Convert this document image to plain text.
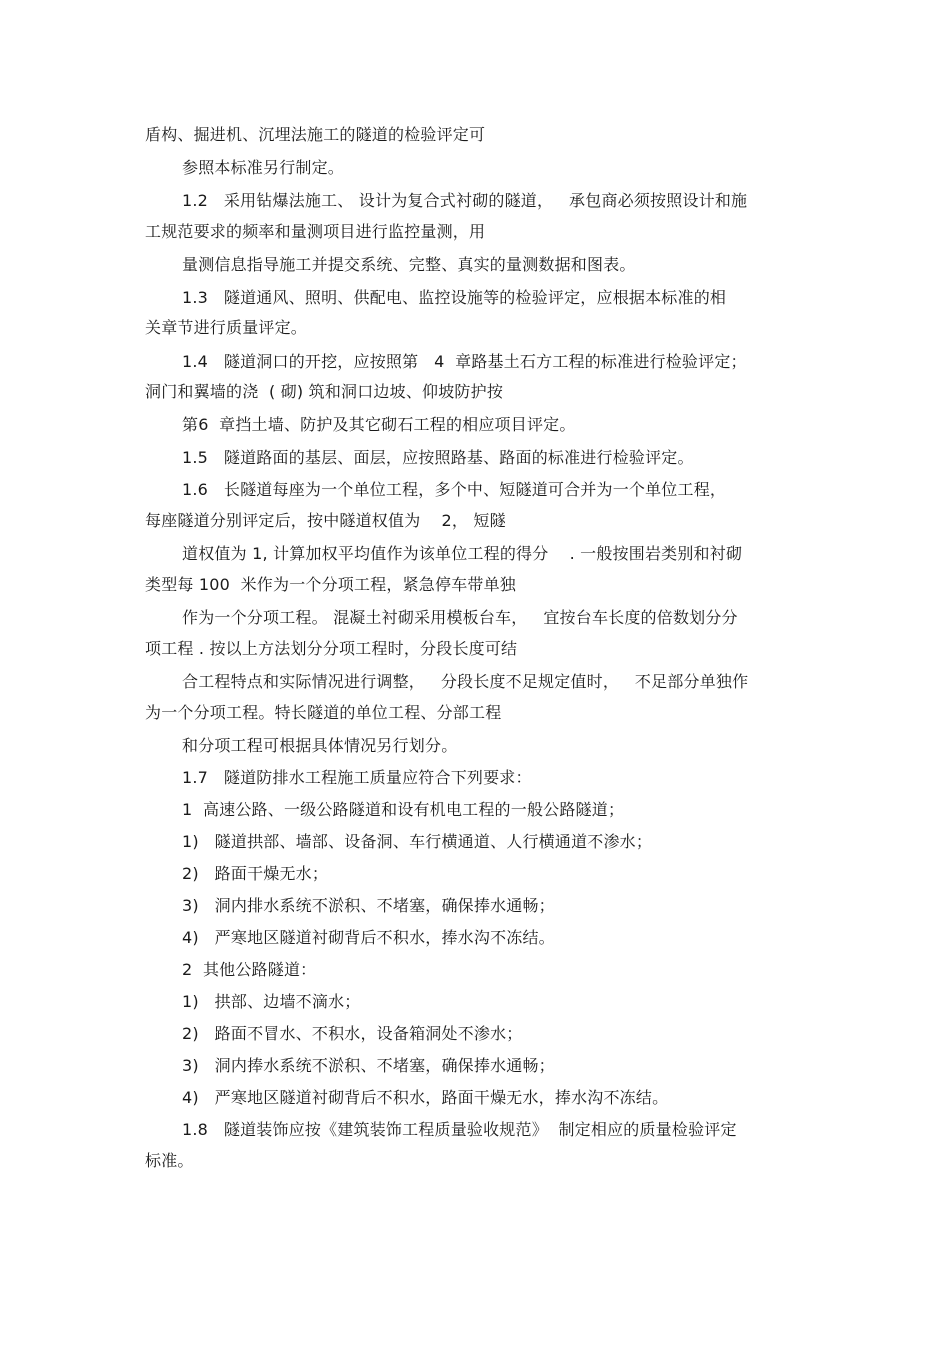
盾构、掘进机、沉埋法施工的隧道的检验评定可
参照本标准另行制定。
1.2   采用钻爆法施工、 设计为复合式衬砌的隧道，   承包商必须按照设计和施
工规范要求的频率和量测项目进行监控量测，用
量测信息指导施工并提交系统、完整、真实的量测数据和图表。
1.3   隧道通风、照明、供配电、监控设施等的检验评定，应根据本标准的相
关章节进行质量评定。
1.4   隧道洞口的开挖，应按照第   4  章路基土石方工程的标准进行检验评定；
洞门和翼墙的浇  ( 砌) 筑和洞口边坡、仰坡防护按
第6  章挡土墙、防护及其它砌石工程的相应项目评定。
1.5   隧道路面的基层、面层，应按照路基、路面的标准进行检验评定。
1.6   长隧道每座为一个单位工程，多个中、短隧道可合并为一个单位工程，
每座隧道分别评定后，按中隧道权值为    2， 短隧
道权值为 1, 计算加权平均值作为该单位工程的得分    . 一般按围岩类别和衬砌
类型每 100  米作为一个分项工程，紧急停车带单独
作为一个分项工程。 混凝土衬砌采用模板台车，   宜按台车长度的倍数划分分
项工程 . 按以上方法划分分项工程时，分段长度可结
合工程特点和实际情况进行调整，   分段长度不足规定值时，   不足部分单独作
为一个分项工程。特长隧道的单位工程、分部工程
和分项工程可根据具体情况另行划分。
1.7   隧道防排水工程施工质量应符合下列要求：
1  高速公路、一级公路隧道和设有机电工程的一般公路隧道；
1)   隧道拱部、墙部、设备洞、车行横通道、人行横通道不渗水；
2)   路面干燥无水；
3)   洞内排水系统不淤积、不堵塞，确保捧水通畅；
4)   严寒地区隧道衬砌背后不积水，捧水沟不冻结。
2  其他公路隧道：
1)   拱部、边墙不滴水；
2)   路面不冒水、不积水，设备箱洞处不渗水；
3)   洞内捧水系统不淤积、不堵塞，确保捧水通畅；
4)   严寒地区隧道衬砌背后不积水，路面干燥无水，捧水沟不冻结。
1.8   隧道装饰应按《建筑装饰工程质量验收规范》  制定相应的质量检验评定
标准。
